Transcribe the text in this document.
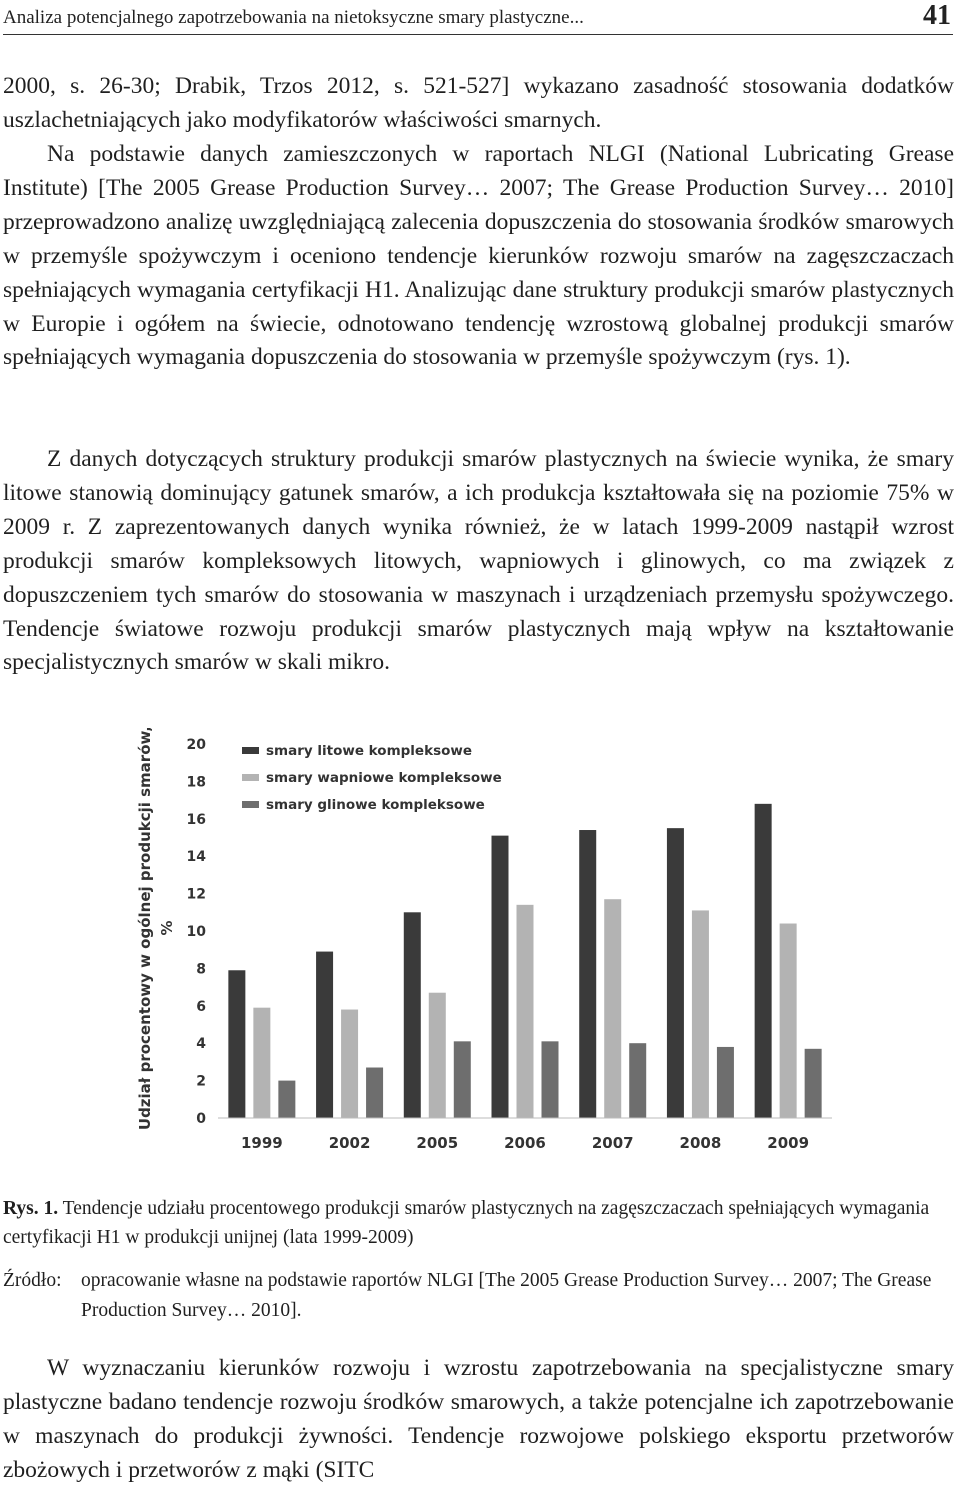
Analiza potencjalnego zapotrzebowania na nietoksyczne smary plastyczne...	41

2000, s. 26-30; Drabik, Trzos 2012, s. 521-527] wykazano zasadność stosowania dodatków uszlachetniających jako modyfikatorów właściwości smarnych.

Na podstawie danych zamieszczonych w raportach NLGI (National Lubricating Grease Institute) [The 2005 Grease Production Survey… 2007; The Grease Production Survey… 2010] przeprowadzono analizę uwzględniającą zalecenia dopuszczenia do stosowania środków smarowych w przemyśle spożywczym i oceniono tendencje kierunków rozwoju smarów na zagęszczaczach spełniających wymagania certyfikacji H1. Analizując dane struktury produkcji smarów plastycznych w Europie i ogółem na świecie, odnotowano tendencję wzrostową globalnej produkcji smarów spełniających wymagania dopuszczenia do stosowania w przemyśle spożywczym (rys. 1).

Z danych dotyczących struktury produkcji smarów plastycznych na świecie wynika, że smary litowe stanowią dominujący gatunek smarów, a ich produkcja kształtowała się na poziomie 75% w 2009 r. Z zaprezentowanych danych wynika również, że w latach 1999-2009 nastąpił wzrost produkcji smarów kompleksowych litowych, wapniowych i glinowych, co ma związek z dopuszczeniem tych smarów do stosowania w maszynach i urządzeniach przemysłu spożywczego. Tendencje światowe rozwoju produkcji smarów plastycznych mają wpływ na kształtowanie specjalistycznych smarów w skali mikro.

Udział procentowy w ogólnej produkcji smarów, %
0
2
4
6
8
10
12
14
16
18
20
1999	2002	2005	2006	2007	2008	2009
smary litowe kompleksowe
smary wapniowe kompleksowe
smary glinowe kompleksowe
Rys. 1. Tendencje udziału procentowego produkcji smarów plastycznych na zagęszczaczach spełniających wymagania certyfikacji H1 w produkcji unijnej (lata 1999-2009)
Źródło: opracowanie własne na podstawie raportów NLGI [The 2005 Grease Production Survey… 2007; The Grease Production Survey… 2010].

W wyznaczaniu kierunków rozwoju i wzrostu zapotrzebowania na specjalistyczne smary plastyczne badano tendencje rozwoju środków smarowych, a także potencjalne ich zapotrzebowanie w maszynach do produkcji żywności. Tendencje rozwojowe polskiego eksportu przetworów zbożowych i przetworów z mąki (SITC
